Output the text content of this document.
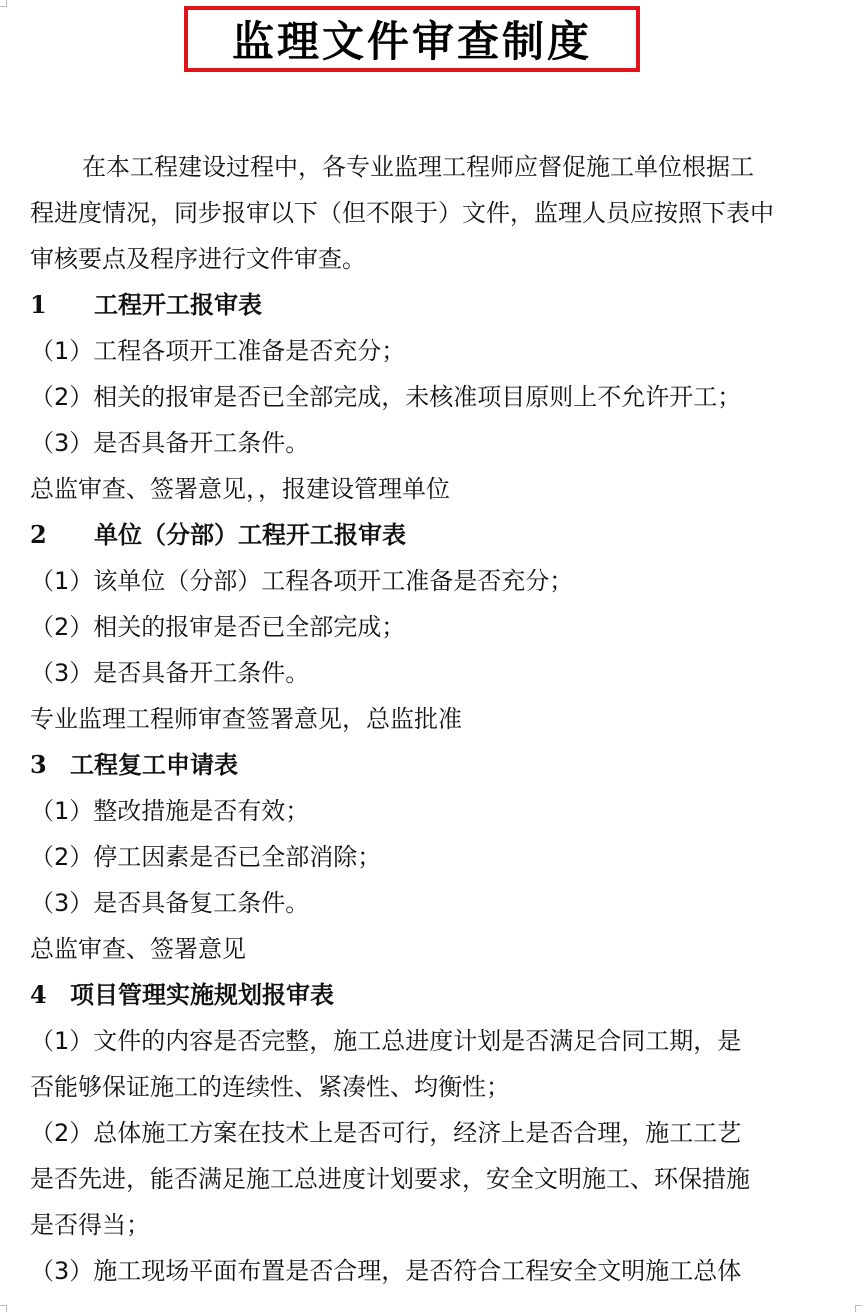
监理文件审查制度
在本工程建设过程中，各专业监理工程师应督促施工单位根据工
程进度情况，同步报审以下（但不限于）文件，监理人员应按照下表中
审核要点及程序进行文件审查。
1 工程开工报审表
（1）工程各项开工准备是否充分；
（2）相关的报审是否已全部完成，未核准项目原则上不允许开工；
（3）是否具备开工条件。
总监审查、签署意见，，报建设管理单位
2 单位（分部）工程开工报审表
（1）该单位（分部）工程各项开工准备是否充分；
（2）相关的报审是否已全部完成；
（3）是否具备开工条件。
专业监理工程师审查签署意见，总监批准
3 工程复工申请表
（1）整改措施是否有效；
（2）停工因素是否已全部消除；
（3）是否具备复工条件。
总监审查、签署意见
4 项目管理实施规划报审表
（1）文件的内容是否完整，施工总进度计划是否满足合同工期，是
否能够保证施工的连续性、紧凑性、均衡性；
（2）总体施工方案在技术上是否可行，经济上是否合理，施工工艺
是否先进，能否满足施工总进度计划要求，安全文明施工、环保措施
是否得当；
（3）施工现场平面布置是否合理，是否符合工程安全文明施工总体
